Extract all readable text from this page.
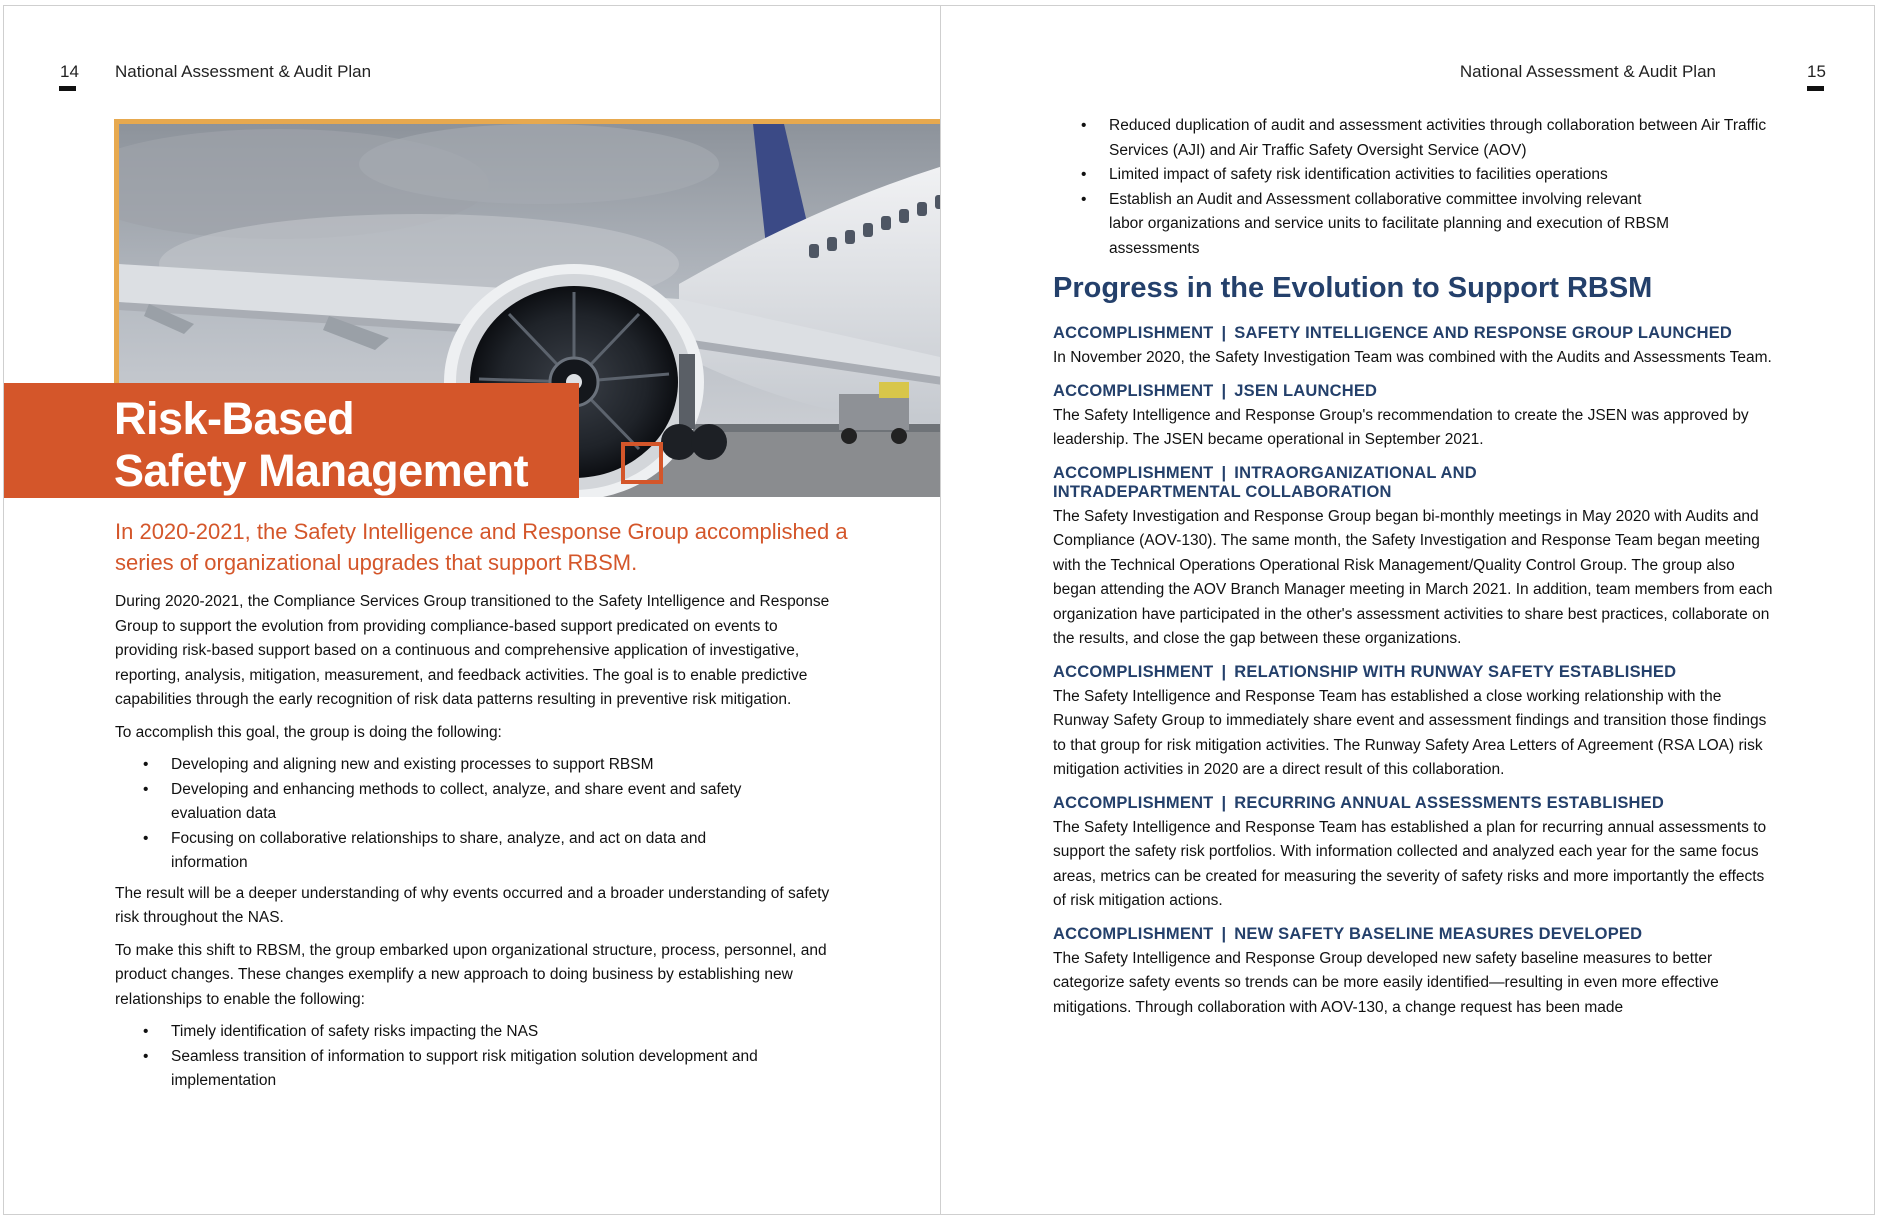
14 National Assessment & Audit Plan
Risk-Based
Safety Management
In 2020-2021, the Safety Intelligence and Response Group accomplished a series of organizational upgrades that support RBSM.

During 2020-2021, the Compliance Services Group transitioned to the Safety Intelligence and Response Group to support the evolution from providing compliance-based support predicated on events to providing risk-based support based on a continuous and comprehensive application of investigative, reporting, analysis, mitigation, measurement, and feedback activities. The goal is to enable predictive capabilities through the early recognition of risk data patterns resulting in preventive risk mitigation.

To accomplish this goal, the group is doing the following:

• Developing and aligning new and existing processes to support RBSM
• Developing and enhancing methods to collect, analyze, and share event and safety evaluation data
• Focusing on collaborative relationships to share, analyze, and act on data and information

The result will be a deeper understanding of why events occurred and a broader understanding of safety risk throughout the NAS.

To make this shift to RBSM, the group embarked upon organizational structure, process, personnel, and product changes. These changes exemplify a new approach to doing business by establishing new relationships to enable the following:

• Timely identification of safety risks impacting the NAS
• Seamless transition of information to support risk mitigation solution development and implementation
National Assessment & Audit Plan	15
• Reduced duplication of audit and assessment activities through collaboration between Air Traffic Services (AJI) and Air Traffic Safety Oversight Service (AOV)
• Limited impact of safety risk identification activities to facilities operations
• Establish an Audit and Assessment collaborative committee involving relevant labor organizations and service units to facilitate planning and execution of RBSM assessments
Progress in the Evolution to Support RBSM
ACCOMPLISHMENT | SAFETY INTELLIGENCE AND RESPONSE GROUP LAUNCHED

In November 2020, the Safety Investigation Team was combined with the Audits and Assessments Team.

ACCOMPLISHMENT | JSEN LAUNCHED

The Safety Intelligence and Response Group's recommendation to create the JSEN was approved by leadership. The JSEN became operational in September 2021.

ACCOMPLISHMENT | INTRAORGANIZATIONAL AND
INTRADEPARTMENTAL COLLABORATION

The Safety Investigation and Response Group began bi-monthly meetings in May 2020 with Audits and Compliance (AOV-130). The same month, the Safety Investigation and Response Team began meeting with the Technical Operations Operational Risk Management/Quality Control Group. The group also began attending the AOV Branch Manager meeting in March 2021. In addition, team members from each organization have participated in the other's assessment activities to share best practices, collaborate on the results, and close the gap between these organizations.

ACCOMPLISHMENT | RELATIONSHIP WITH RUNWAY SAFETY ESTABLISHED

The Safety Intelligence and Response Team has established a close working relationship with the Runway Safety Group to immediately share event and assessment findings and transition those findings to that group for risk mitigation activities. The Runway Safety Area Letters of Agreement (RSA LOA) risk mitigation activities in 2020 are a direct result of this collaboration.

ACCOMPLISHMENT | RECURRING ANNUAL ASSESSMENTS ESTABLISHED

The Safety Intelligence and Response Team has established a plan for recurring annual assessments to support the safety risk portfolios. With information collected and analyzed each year for the same focus areas, metrics can be created for measuring the severity of safety risks and more importantly the effects of risk mitigation actions.

ACCOMPLISHMENT | NEW SAFETY BASELINE MEASURES DEVELOPED

The Safety Intelligence and Response Group developed new safety baseline measures to better categorize safety events so trends can be more easily identified—resulting in even more effective mitigations. Through collaboration with AOV-130, a change request has been made
